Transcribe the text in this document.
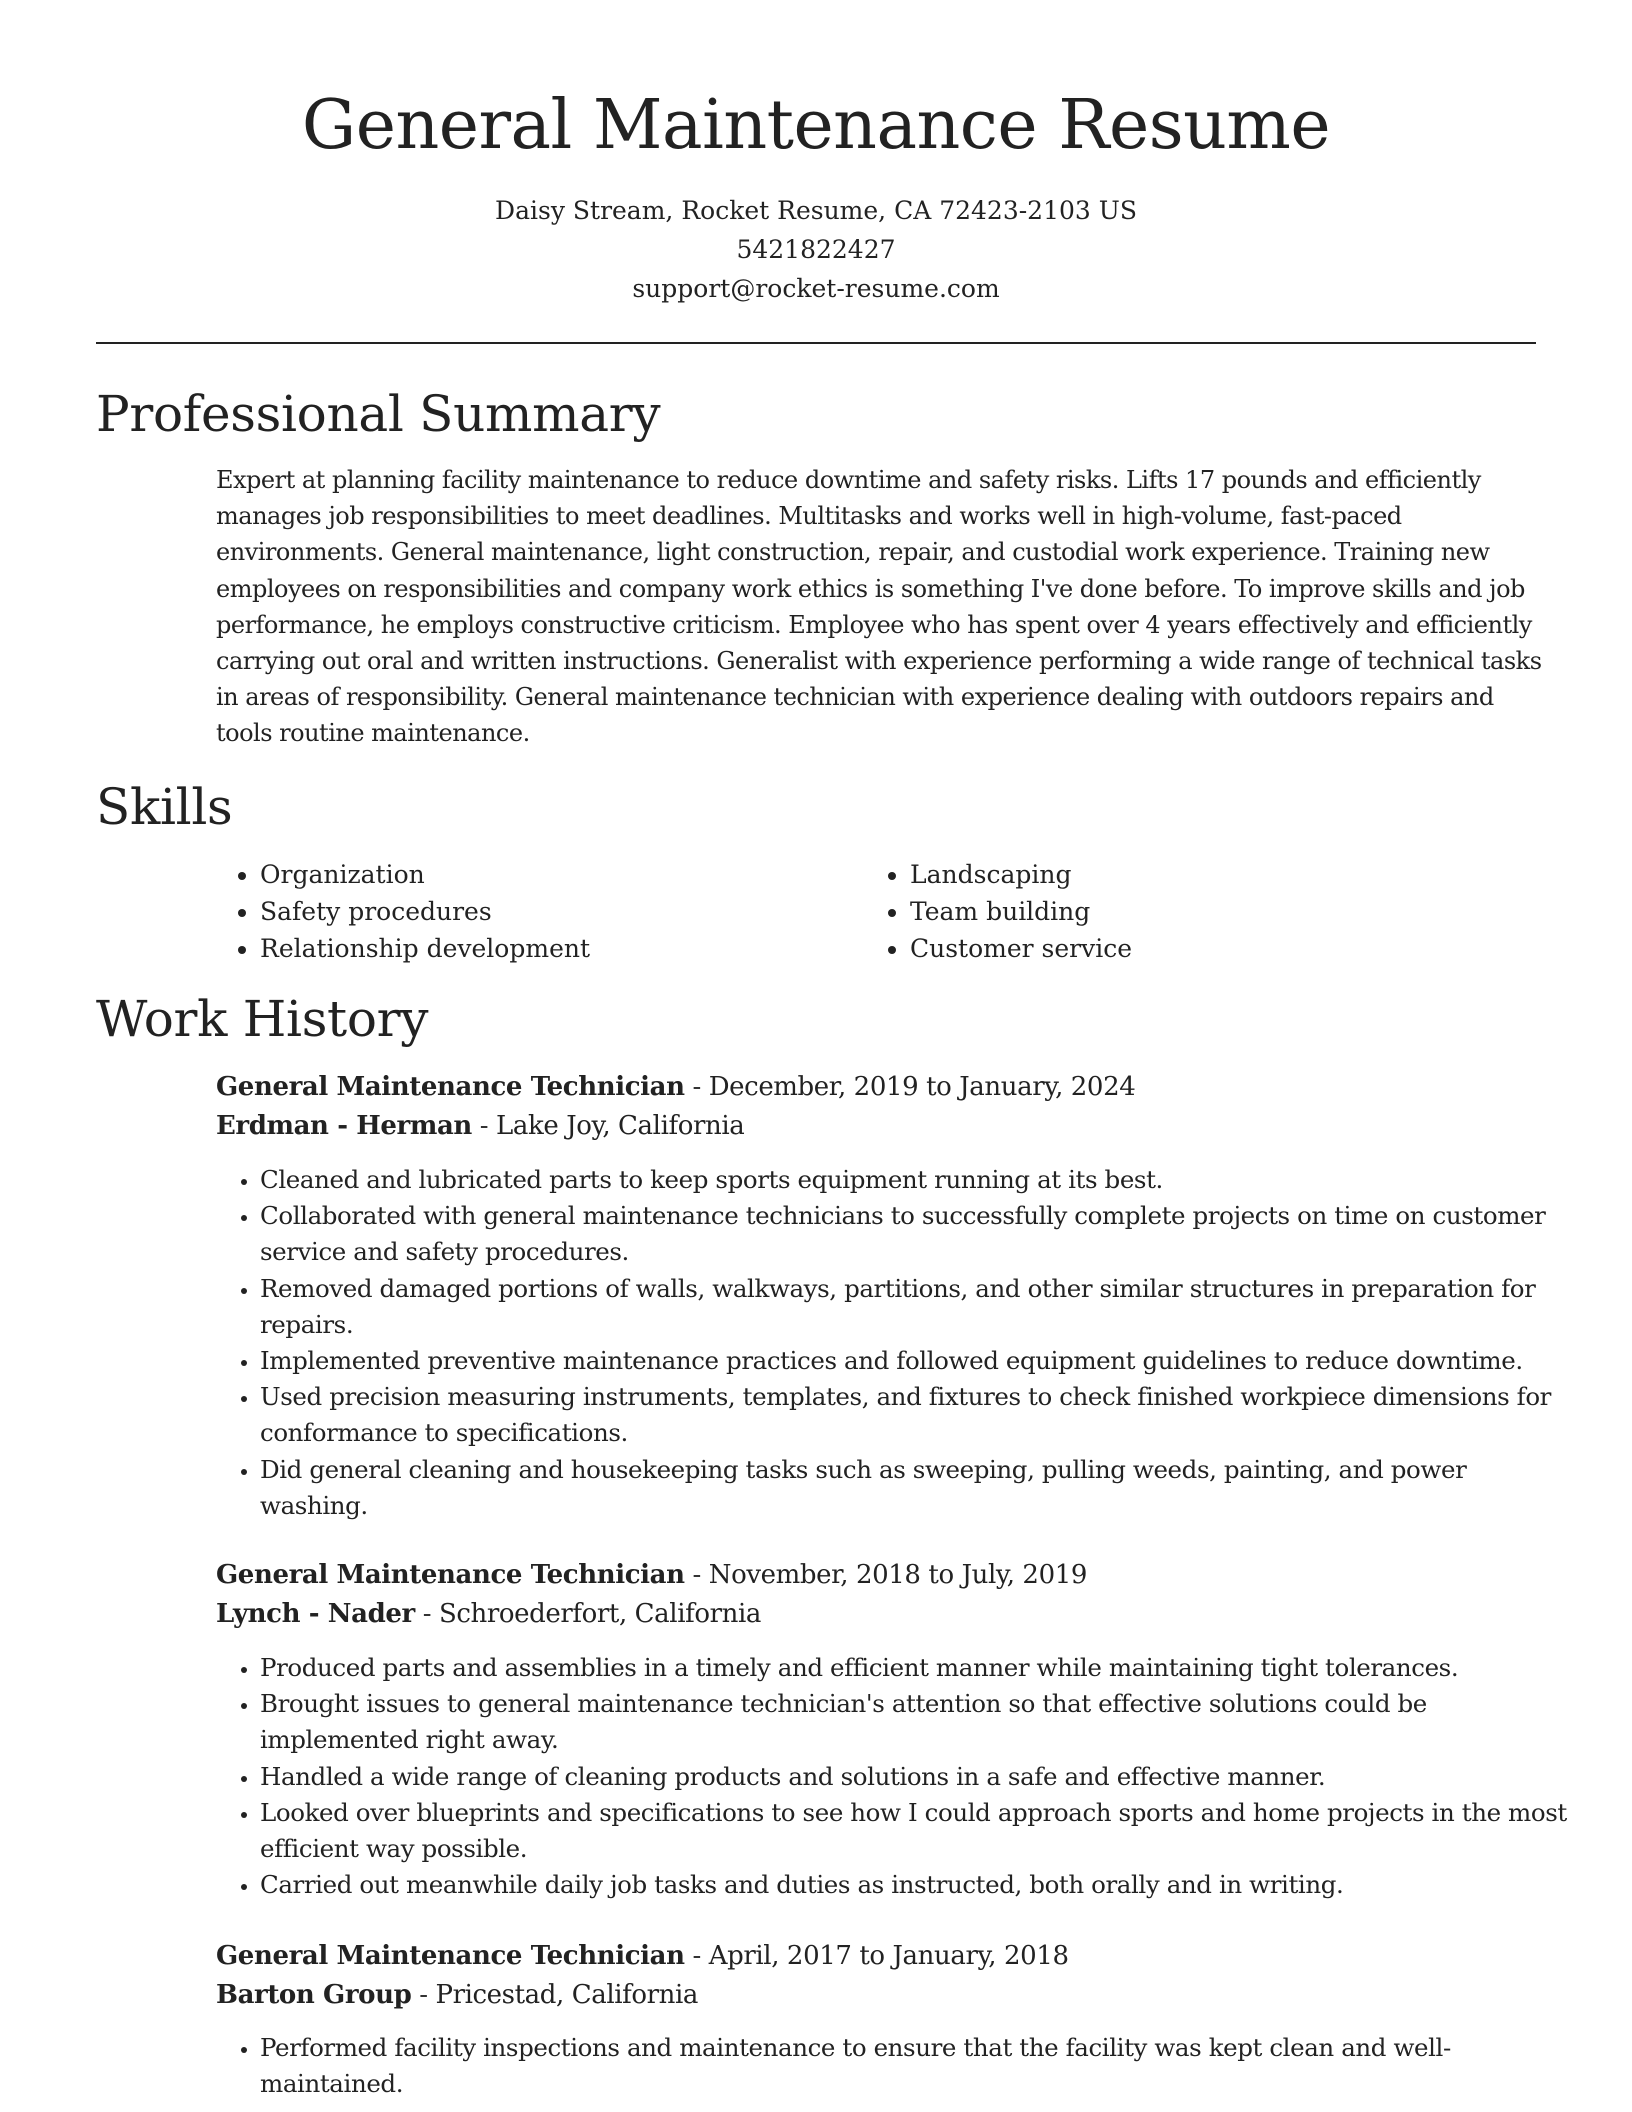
General Maintenance Resume
Daisy Stream, Rocket Resume, CA 72423-2103 US
5421822427
support@rocket-resume.com
Professional Summary
Expert at planning facility maintenance to reduce downtime and safety risks. Lifts 17 pounds and efficiently manages job responsibilities to meet deadlines. Multitasks and works well in high-volume, fast-paced environments. General maintenance, light construction, repair, and custodial work experience. Training new employees on responsibilities and company work ethics is something I've done before. To improve skills and job performance, he employs constructive criticism. Employee who has spent over 4 years effectively and efficiently carrying out oral and written instructions. Generalist with experience performing a wide range of technical tasks in areas of responsibility. General maintenance technician with experience dealing with outdoors repairs and tools routine maintenance.
Skills
• Organization
• Safety procedures
• Relationship development
• Landscaping
• Team building
• Customer service
Work History
General Maintenance Technician - December, 2019 to January, 2024
Erdman - Herman - Lake Joy, California
• Cleaned and lubricated parts to keep sports equipment running at its best.
• Collaborated with general maintenance technicians to successfully complete projects on time on customer service and safety procedures.
• Removed damaged portions of walls, walkways, partitions, and other similar structures in preparation for repairs.
• Implemented preventive maintenance practices and followed equipment guidelines to reduce downtime.
• Used precision measuring instruments, templates, and fixtures to check finished workpiece dimensions for conformance to specifications.
• Did general cleaning and housekeeping tasks such as sweeping, pulling weeds, painting, and power washing.
General Maintenance Technician - November, 2018 to July, 2019
Lynch - Nader - Schroederfort, California
• Produced parts and assemblies in a timely and efficient manner while maintaining tight tolerances.
• Brought issues to general maintenance technician's attention so that effective solutions could be implemented right away.
• Handled a wide range of cleaning products and solutions in a safe and effective manner.
• Looked over blueprints and specifications to see how I could approach sports and home projects in the most efficient way possible.
• Carried out meanwhile daily job tasks and duties as instructed, both orally and in writing.
General Maintenance Technician - April, 2017 to January, 2018
Barton Group - Pricestad, California
• Performed facility inspections and maintenance to ensure that the facility was kept clean and well-maintained.
